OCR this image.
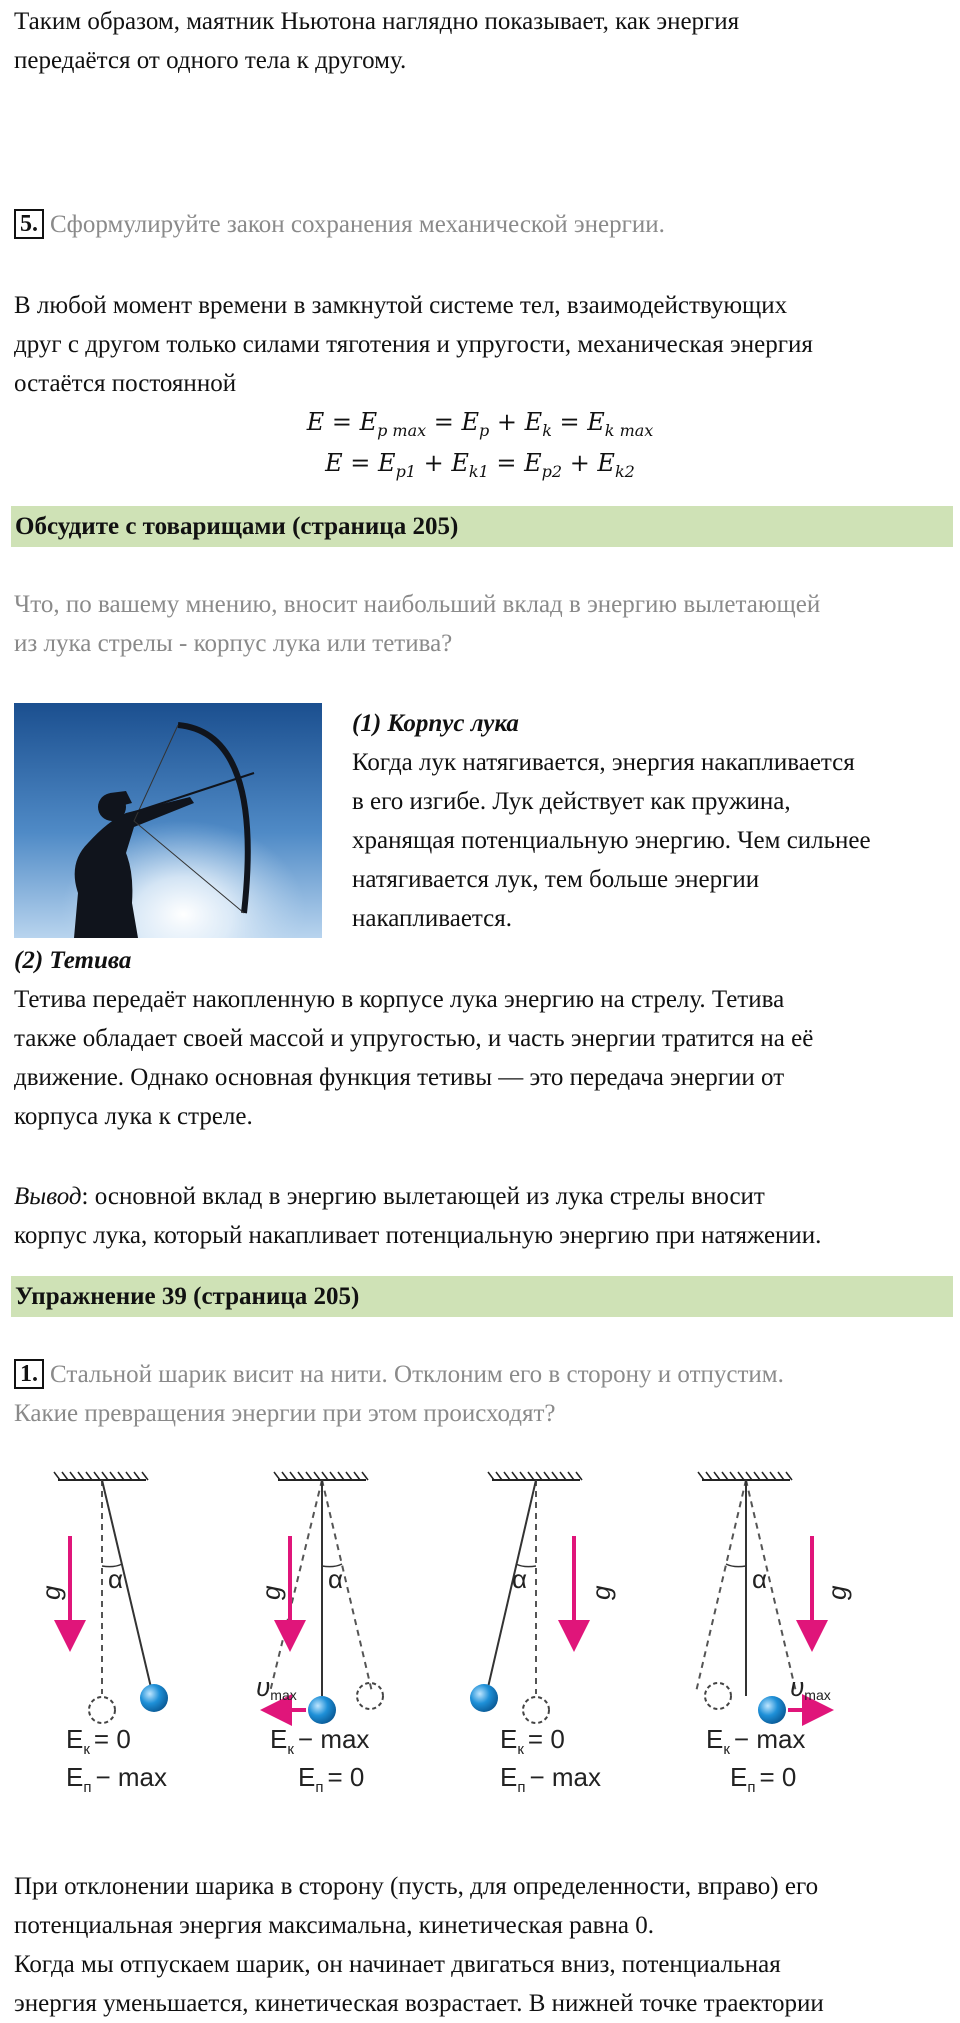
Таким образом, маятник Ньютона наглядно показывает, как энергия

передаётся от одного тела к другому.

5. Сформулируйте закон сохранения механической энергии.

В любой момент времени в замкнутой системе тел, взаимодействующих

друг с другом только силами тяготения и упругости, механическая энергия

остаётся постоянной

$E = E_{p max} = E_p + E_k = E_{k max}$
$E = E_{p1} + E_{k1} = E_{p2} + E_{k2}$
Обсудите с товарищами (страница 205)

Что, по вашему мнению, вносит наибольший вклад в энергию вылетающей

из лука стрелы - корпус лука или тетива?

(1) Корпус лука

Когда лук натягивается, энергия накапливается

в его изгибе. Лук действует как пружина,

хранящая потенциальную энергию. Чем сильнее

натягивается лук, тем больше энергии

накапливается.

(2) Тетива

Тетива передаёт накопленную в корпусе лука энергию на стрелу. Тетива

также обладает своей массой и упругостью, и часть энергии тратится на её

движение. Однако основная функция тетивы — это передача энергии от

корпуса лука к стреле.

Вывод: основной вклад в энергию вылетающей из лука стрелы вносит

корпус лука, который накапливает потенциальную энергию при натяжении.

Упражнение 39 (страница 205)

1. Стальной шарик висит на нити. Отклоним его в сторону и отпустим.

Какие превращения энергии при этом происходят?

α
g
$E_к = 0$
$E_п - \max$
α
g
υmax
$E_к - \max$
$E_п = 0$
α g
$E_к = 0$
$E_п - \max$
α g
υmax
$E_к - \max$
$E_п = 0$

При отклонении шарика в сторону (пусть, для определенности, вправо) его

потенциальная энергия максимальна, кинетическая равна 0.

Когда мы отпускаем шарик, он начинает двигаться вниз, потенциальная

энергия уменьшается, кинетическая возрастает. В нижней точке траектории
